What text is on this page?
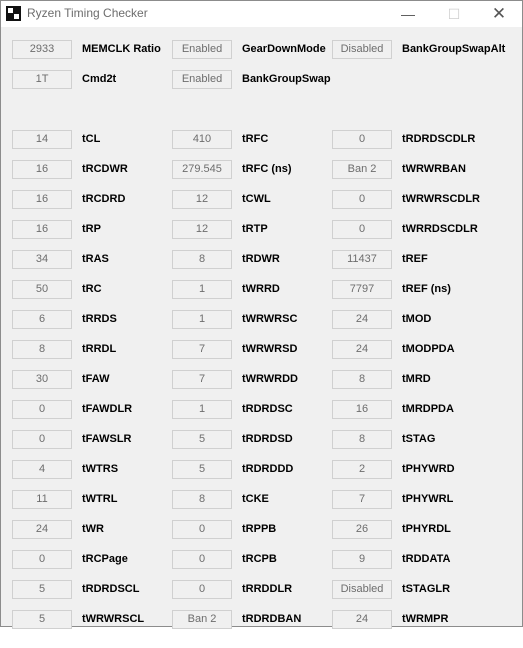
Ryzen Timing Checker	—	☐	✕
2933	MEMCLK Ratio	Enabled	GearDownMode	Disabled	BankGroupSwapAlt
1T	Cmd2t	Enabled	BankGroupSwap
14	tCL	410	tRFC	0	tRDRDSCDLR
16	tRCDWR	279.545	tRFC (ns)	Ban 2	tWRWRBAN
16	tRCDRD	12	tCWL	0	tWRWRSCDLR
16	tRP	12	tRTP	0	tWRRDSCDLR
34	tRAS	8	tRDWR	11437	tREF
50	tRC	1	tWRRD	7797	tREF (ns)
6	tRRDS	1	tWRWRSC	24	tMOD
8	tRRDL	7	tWRWRSD	24	tMODPDA
30	tFAW	7	tWRWRDD	8	tMRD
0	tFAWDLR	1	tRDRDSC	16	tMRDPDA
0	tFAWSLR	5	tRDRDSD	8	tSTAG
4	tWTRS	5	tRDRDDD	2	tPHYWRD
11	tWTRL	8	tCKE	7	tPHYWRL
24	tWR	0	tRPPB	26	tPHYRDL
0	tRCPage	0	tRCPB	9	tRDDATA
5	tRDRDSCL	0	tRRDDLR	Disabled	tSTAGLR
5	tWRWRSCL	Ban 2	tRDRDBAN	24	tWRMPR
